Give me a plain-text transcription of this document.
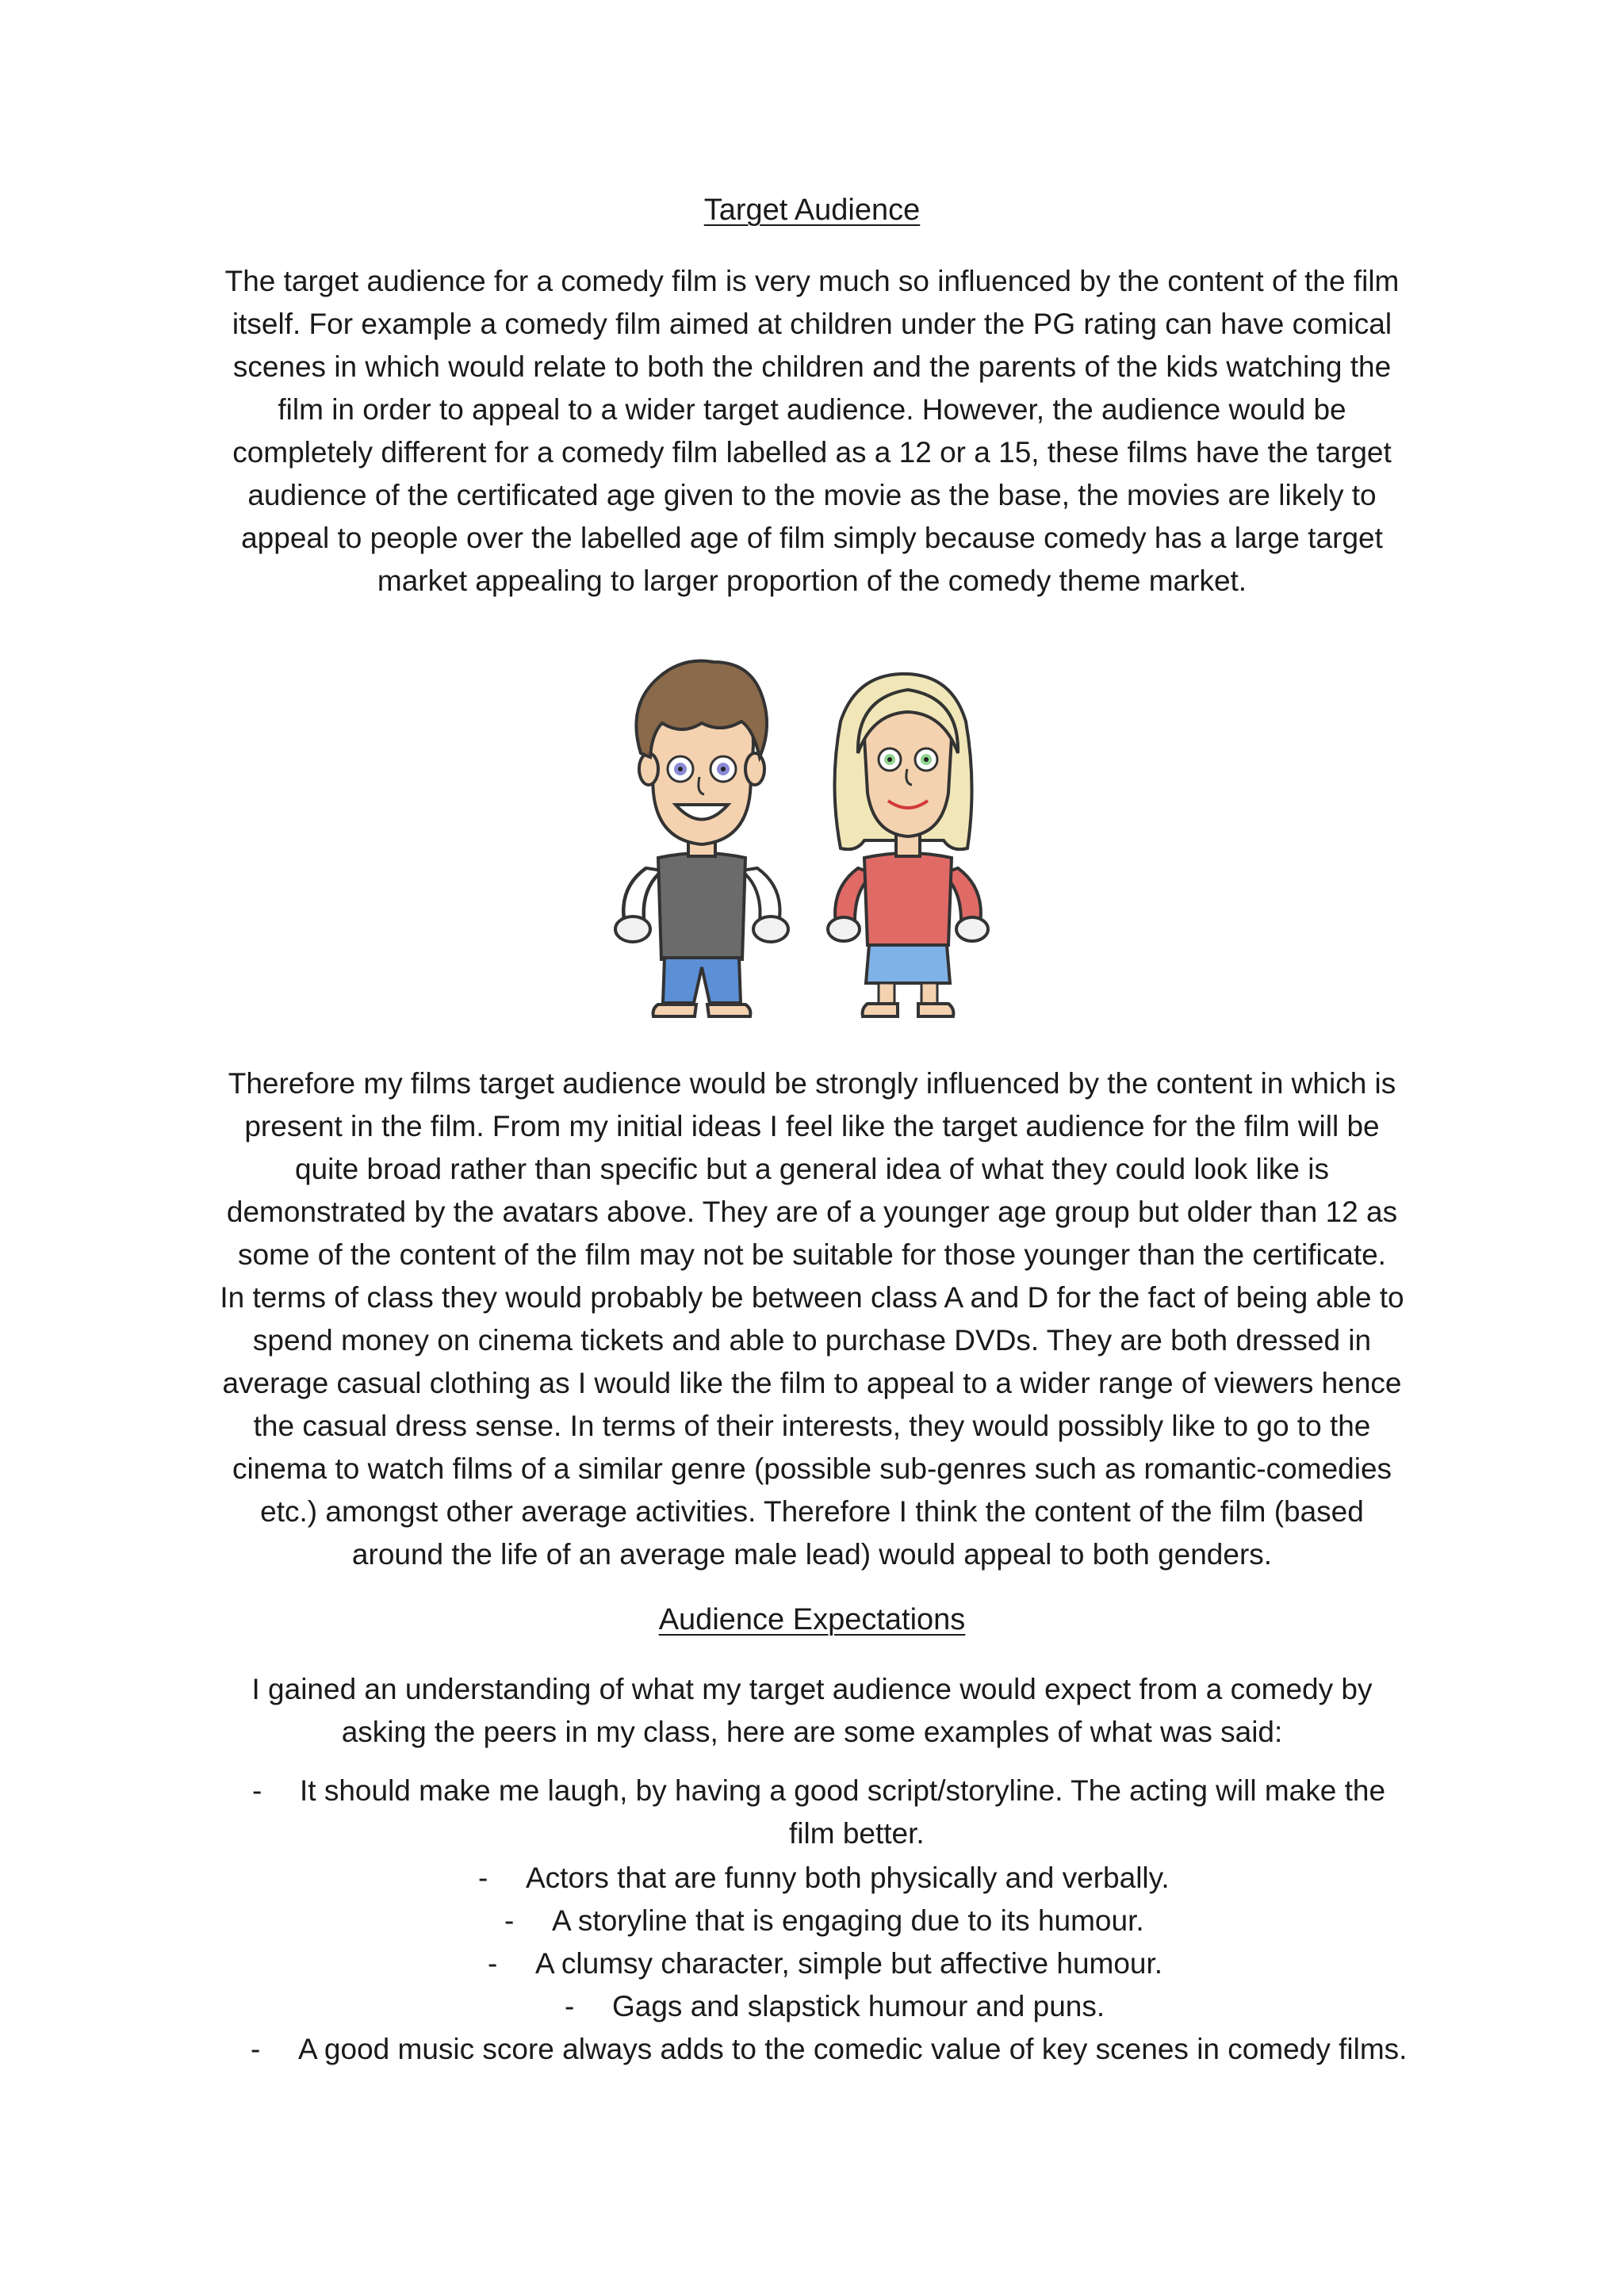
Target Audience

The target audience for a comedy film is very much so influenced by the content of the film
itself. For example a comedy film aimed at children under the PG rating can have comical
scenes in which would relate to both the children and the parents of the kids watching the
film in order to appeal to a wider target audience. However, the audience would be
completely different for a comedy film labelled as a 12 or a 15, these films have the target
audience of the certificated age given to the movie as the base, the movies are likely to
appeal to people over the labelled age of film simply because comedy has a large target
market appealing to larger proportion of the comedy theme market.

Therefore my films target audience would be strongly influenced by the content in which is
present in the film. From my initial ideas I feel like the target audience for the film will be
quite broad rather than specific but a general idea of what they could look like is
demonstrated by the avatars above. They are of a younger age group but older than 12 as
some of the content of the film may not be suitable for those younger than the certificate.
In terms of class they would probably be between class A and D for the fact of being able to
spend money on cinema tickets and able to purchase DVDs. They are both dressed in
average casual clothing as I would like the film to appeal to a wider range of viewers hence
the casual dress sense. In terms of their interests, they would possibly like to go to the
cinema to watch films of a similar genre (possible sub-genres such as romantic-comedies
etc.) amongst other average activities. Therefore I think the content of the film (based
around the life of an average male lead) would appeal to both genders.

Audience Expectations

I gained an understanding of what my target audience would expect from a comedy by
asking the peers in my class, here are some examples of what was said:

- It should make me laugh, by having a good script/storyline. The acting will make the
film better.
- Actors that are funny both physically and verbally.
- A storyline that is engaging due to its humour.
- A clumsy character, simple but affective humour.
- Gags and slapstick humour and puns.
- A good music score always adds to the comedic value of key scenes in comedy films.
